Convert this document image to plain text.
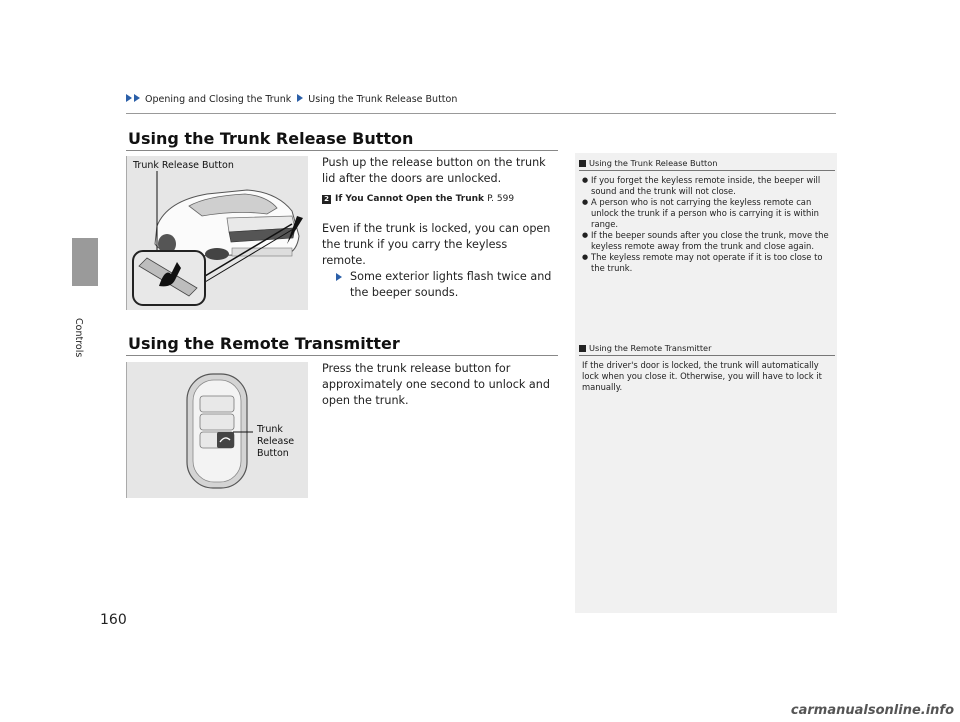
Opening and Closing the Trunk Using the Trunk Release Button
Controls
Using the Trunk Release Button
Trunk Release Button	Push up the release button on the trunk lid after the doors are unlocked.
2 If You Cannot Open the Trunk P. 599
Even if the trunk is locked, you can open the trunk if you carry the keyless remote.
Some exterior lights flash twice and the beeper sounds.
Using the Remote Transmitter
Trunk
Release
Button
Press the trunk release button for approximately one second to unlock and open the trunk.
Using the Trunk Release Button
● If you forget the keyless remote inside, the beeper will sound and the trunk will not close.
● A person who is not carrying the keyless remote can unlock the trunk if a person who is carrying it is within range.
● If the beeper sounds after you close the trunk, move the keyless remote away from the trunk and close again.
● The keyless remote may not operate if it is too close to the trunk.
Using the Remote Transmitter
If the driver's door is locked, the trunk will automatically lock when you close it. Otherwise, you will have to lock it manually.
160
carmanualsonline.info
